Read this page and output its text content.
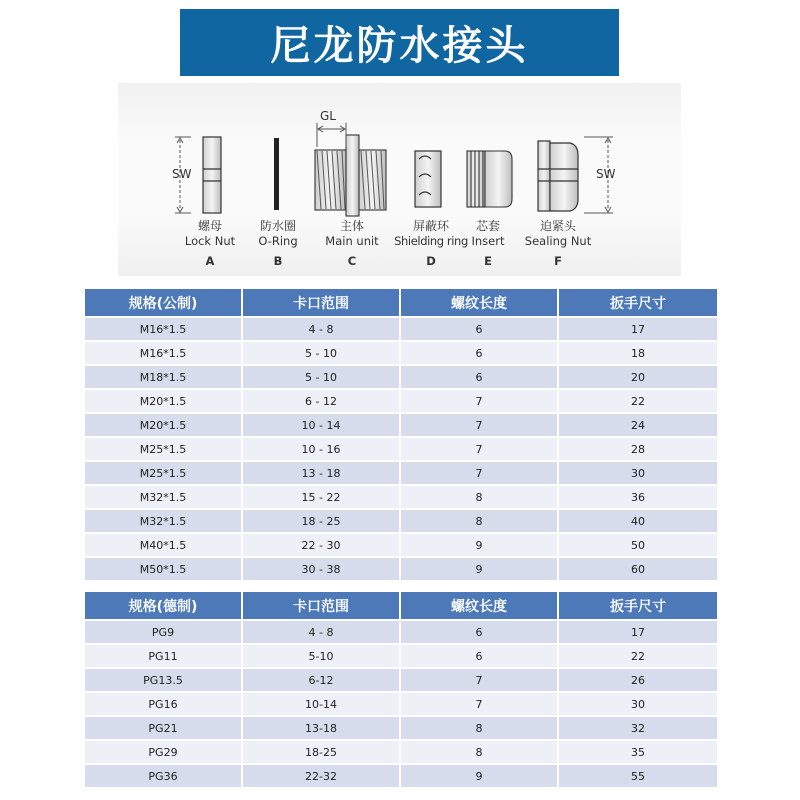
尼龙防水接头
SW
GL
SW
螺母
Lock Nut
A
防水圈
O-Ring
B
主体
Main unit
C
屏蔽环
Shielding ring
D
芯套
Insert
E
迫紧头
Sealing Nut
F
规格(公制)	卡口范围	螺纹长度	扳手尺寸
M16*1.5	4 - 8	6	17
M16*1.5	5 - 10	6	18
M18*1.5	5 - 10	6	20
M20*1.5	6 - 12	7	22
M20*1.5	10 - 14	7	24
M25*1.5	10 - 16	7	28
M25*1.5	13 - 18	7	30
M32*1.5	15 - 22	8	36
M32*1.5	18 - 25	8	40
M40*1.5	22 - 30	9	50
M50*1.5	30 - 38	9	60
规格(德制)	卡口范围	螺纹长度	扳手尺寸
PG9	4 - 8	6	17
PG11	5-10	6	22
PG13.5	6-12	7	26
PG16	10-14	7	30
PG21	13-18	8	32
PG29	18-25	8	35
PG36	22-32	9	55
